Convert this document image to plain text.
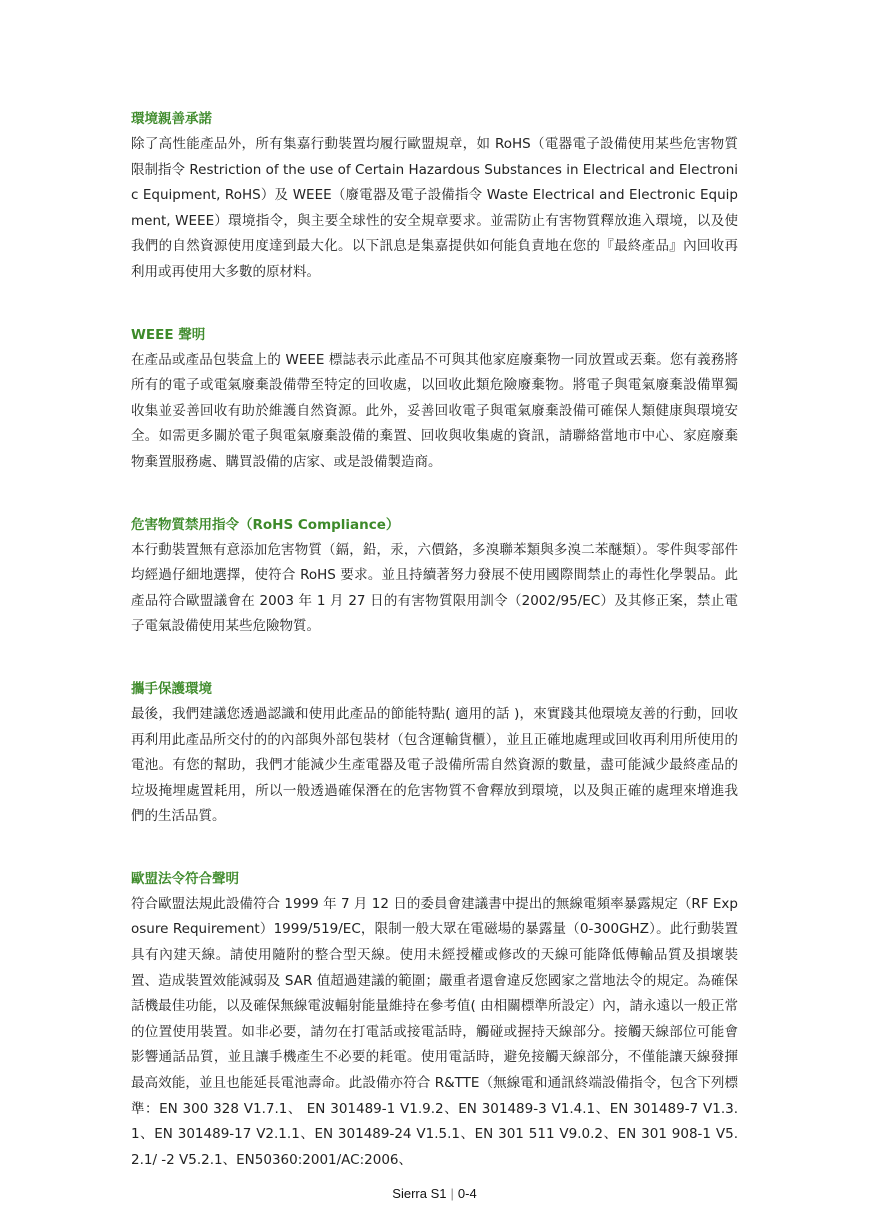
環境親善承諾

除了高性能產品外，所有集嘉行動裝置均履行歐盟規章，如 RoHS（電器電子設備使用某些危害物質限制指令 Restriction of the use of Certain Hazardous Substances in Electrical and Electronic Equipment, RoHS）及 WEEE（廢電器及電子設備指令 Waste Electrical and Electronic Equipment, WEEE）環境指令，與主要全球性的安全規章要求。並需防止有害物質釋放進入環境，以及使我們的自然資源使用度達到最大化。以下訊息是集嘉提供如何能負責地在您的『最終產品』內回收再利用或再使用大多數的原材料。

WEEE 聲明

在產品或產品包裝盒上的 WEEE 標誌表示此產品不可與其他家庭廢棄物一同放置或丟棄。您有義務將所有的電子或電氣廢棄設備帶至特定的回收處，以回收此類危險廢棄物。將電子與電氣廢棄設備單獨收集並妥善回收有助於維護自然資源。此外，妥善回收電子與電氣廢棄設備可確保人類健康與環境安全。如需更多關於電子與電氣廢棄設備的棄置、回收與收集處的資訊，請聯絡當地市中心、家庭廢棄物棄置服務處、購買設備的店家、或是設備製造商。

危害物質禁用指令（RoHS Compliance）

本行動裝置無有意添加危害物質（鎘，鉛，汞，六價鉻，多溴聯苯類與多溴二苯醚類）。零件與零部件均經過仔細地選擇，使符合 RoHS 要求。並且持續著努力發展不使用國際間禁止的毒性化學製品。此產品符合歐盟議會在 2003 年 1 月 27 日的有害物質限用訓令（2002/95/EC）及其修正案，禁止電子電氣設備使用某些危險物質。

攜手保護環境

最後，我們建議您透過認識和使用此產品的節能特點( 適用的話 )，來實踐其他環境友善的行動，回收再利用此產品所交付的的內部與外部包裝材（包含運輸貨櫃），並且正確地處理或回收再利用所使用的電池。有您的幫助，我們才能減少生產電器及電子設備所需自然資源的數量，盡可能減少最終產品的垃圾掩埋處置耗用，所以一般透過確保潛在的危害物質不會釋放到環境，以及與正確的處理來增進我們的生活品質。

歐盟法令符合聲明

符合歐盟法規此設備符合 1999 年 7 月 12 日的委員會建議書中提出的無線電頻率暴露規定（RF Exposure Requirement）1999/519/EC，限制一般大眾在電磁場的暴露量（0-300GHZ）。此行動裝置具有內建天線。請使用隨附的整合型天線。使用未經授權或修改的天線可能降低傳輸品質及損壞裝置、造成裝置效能減弱及 SAR 值超過建議的範圍；嚴重者還會違反您國家之當地法令的規定。為確保話機最佳功能，以及確保無線電波輻射能量維持在參考值( 由相關標準所設定）內，請永遠以一般正常的位置使用裝置。如非必要，請勿在打電話或接電話時，觸碰或握持天線部分。接觸天線部位可能會影響通話品質，並且讓手機產生不必要的耗電。使用電話時，避免接觸天線部分，不僅能讓天線發揮最高效能，並且也能延長電池壽命。此設備亦符合 R&TTE（無線電和通訊終端設備指令，包含下列標準：EN 300 328 V1.7.1、 EN 301489-1 V1.9.2、EN 301489-3 V1.4.1、EN 301489-7 V1.3.1、EN 301489-17 V2.1.1、EN 301489-24 V1.5.1、EN 301 511 V9.0.2、EN 301 908-1 V5.2.1/ -2 V5.2.1、EN50360:2001/AC:2006、

Sierra S1 | 0-4
